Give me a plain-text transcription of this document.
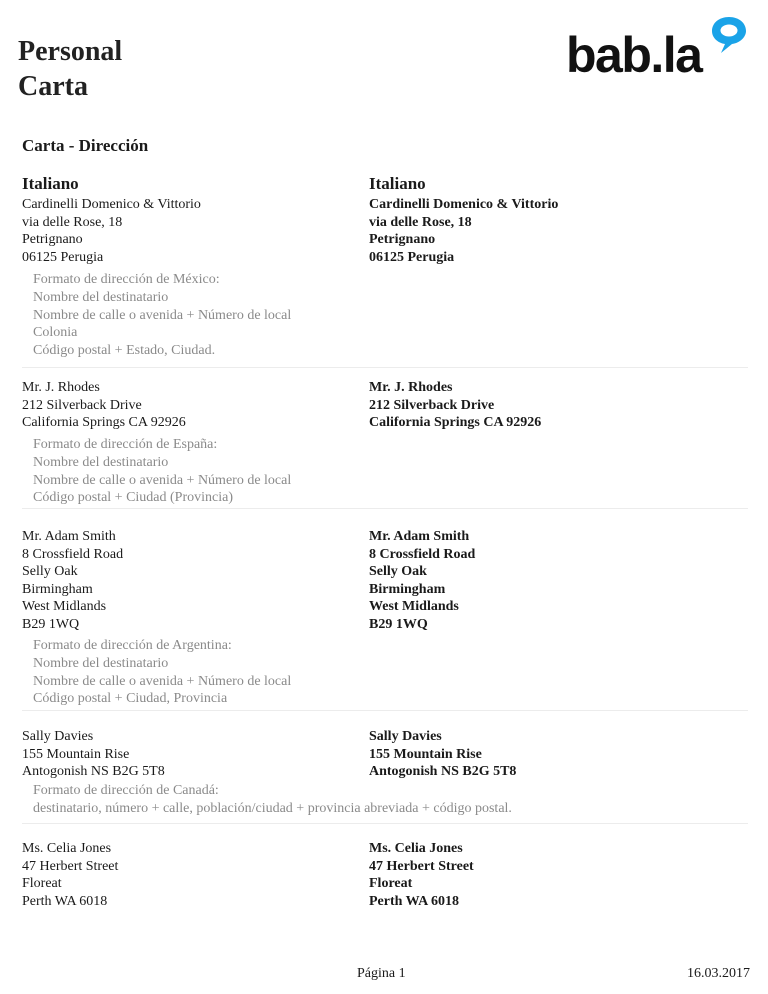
Personal
Carta
bab.la
Carta - Dirección
Italiano	Italiano
Cardinelli Domenico & Vittorio
via delle Rose, 18
Petrignano
06125 Perugia
Cardinelli Domenico & Vittorio
via delle Rose, 18
Petrignano
06125 Perugia
Formato de dirección de México:
Nombre del destinatario
Nombre de calle o avenida + Número de local
Colonia
Código postal + Estado, Ciudad.
Mr. J. Rhodes
212 Silverback Drive
California Springs CA 92926
Mr. J. Rhodes
212 Silverback Drive
California Springs CA 92926
Formato de dirección de España:
Nombre del destinatario
Nombre de calle o avenida + Número de local
Código postal + Ciudad (Provincia)
Mr. Adam Smith
8 Crossfield Road
Selly Oak
Birmingham
West Midlands
B29 1WQ
Mr. Adam Smith
8 Crossfield Road
Selly Oak
Birmingham
West Midlands
B29 1WQ
Formato de dirección de Argentina:
Nombre del destinatario
Nombre de calle o avenida + Número de local
Código postal + Ciudad, Provincia
Sally Davies
155 Mountain Rise
Antogonish NS B2G 5T8
Sally Davies
155 Mountain Rise
Antogonish NS B2G 5T8
Formato de dirección de Canadá:
destinatario, número + calle, población/ciudad + provincia abreviada + código postal.
Ms. Celia Jones
47 Herbert Street
Floreat
Perth WA 6018
Ms. Celia Jones
47 Herbert Street
Floreat
Perth WA 6018
Página 1	16.03.2017
